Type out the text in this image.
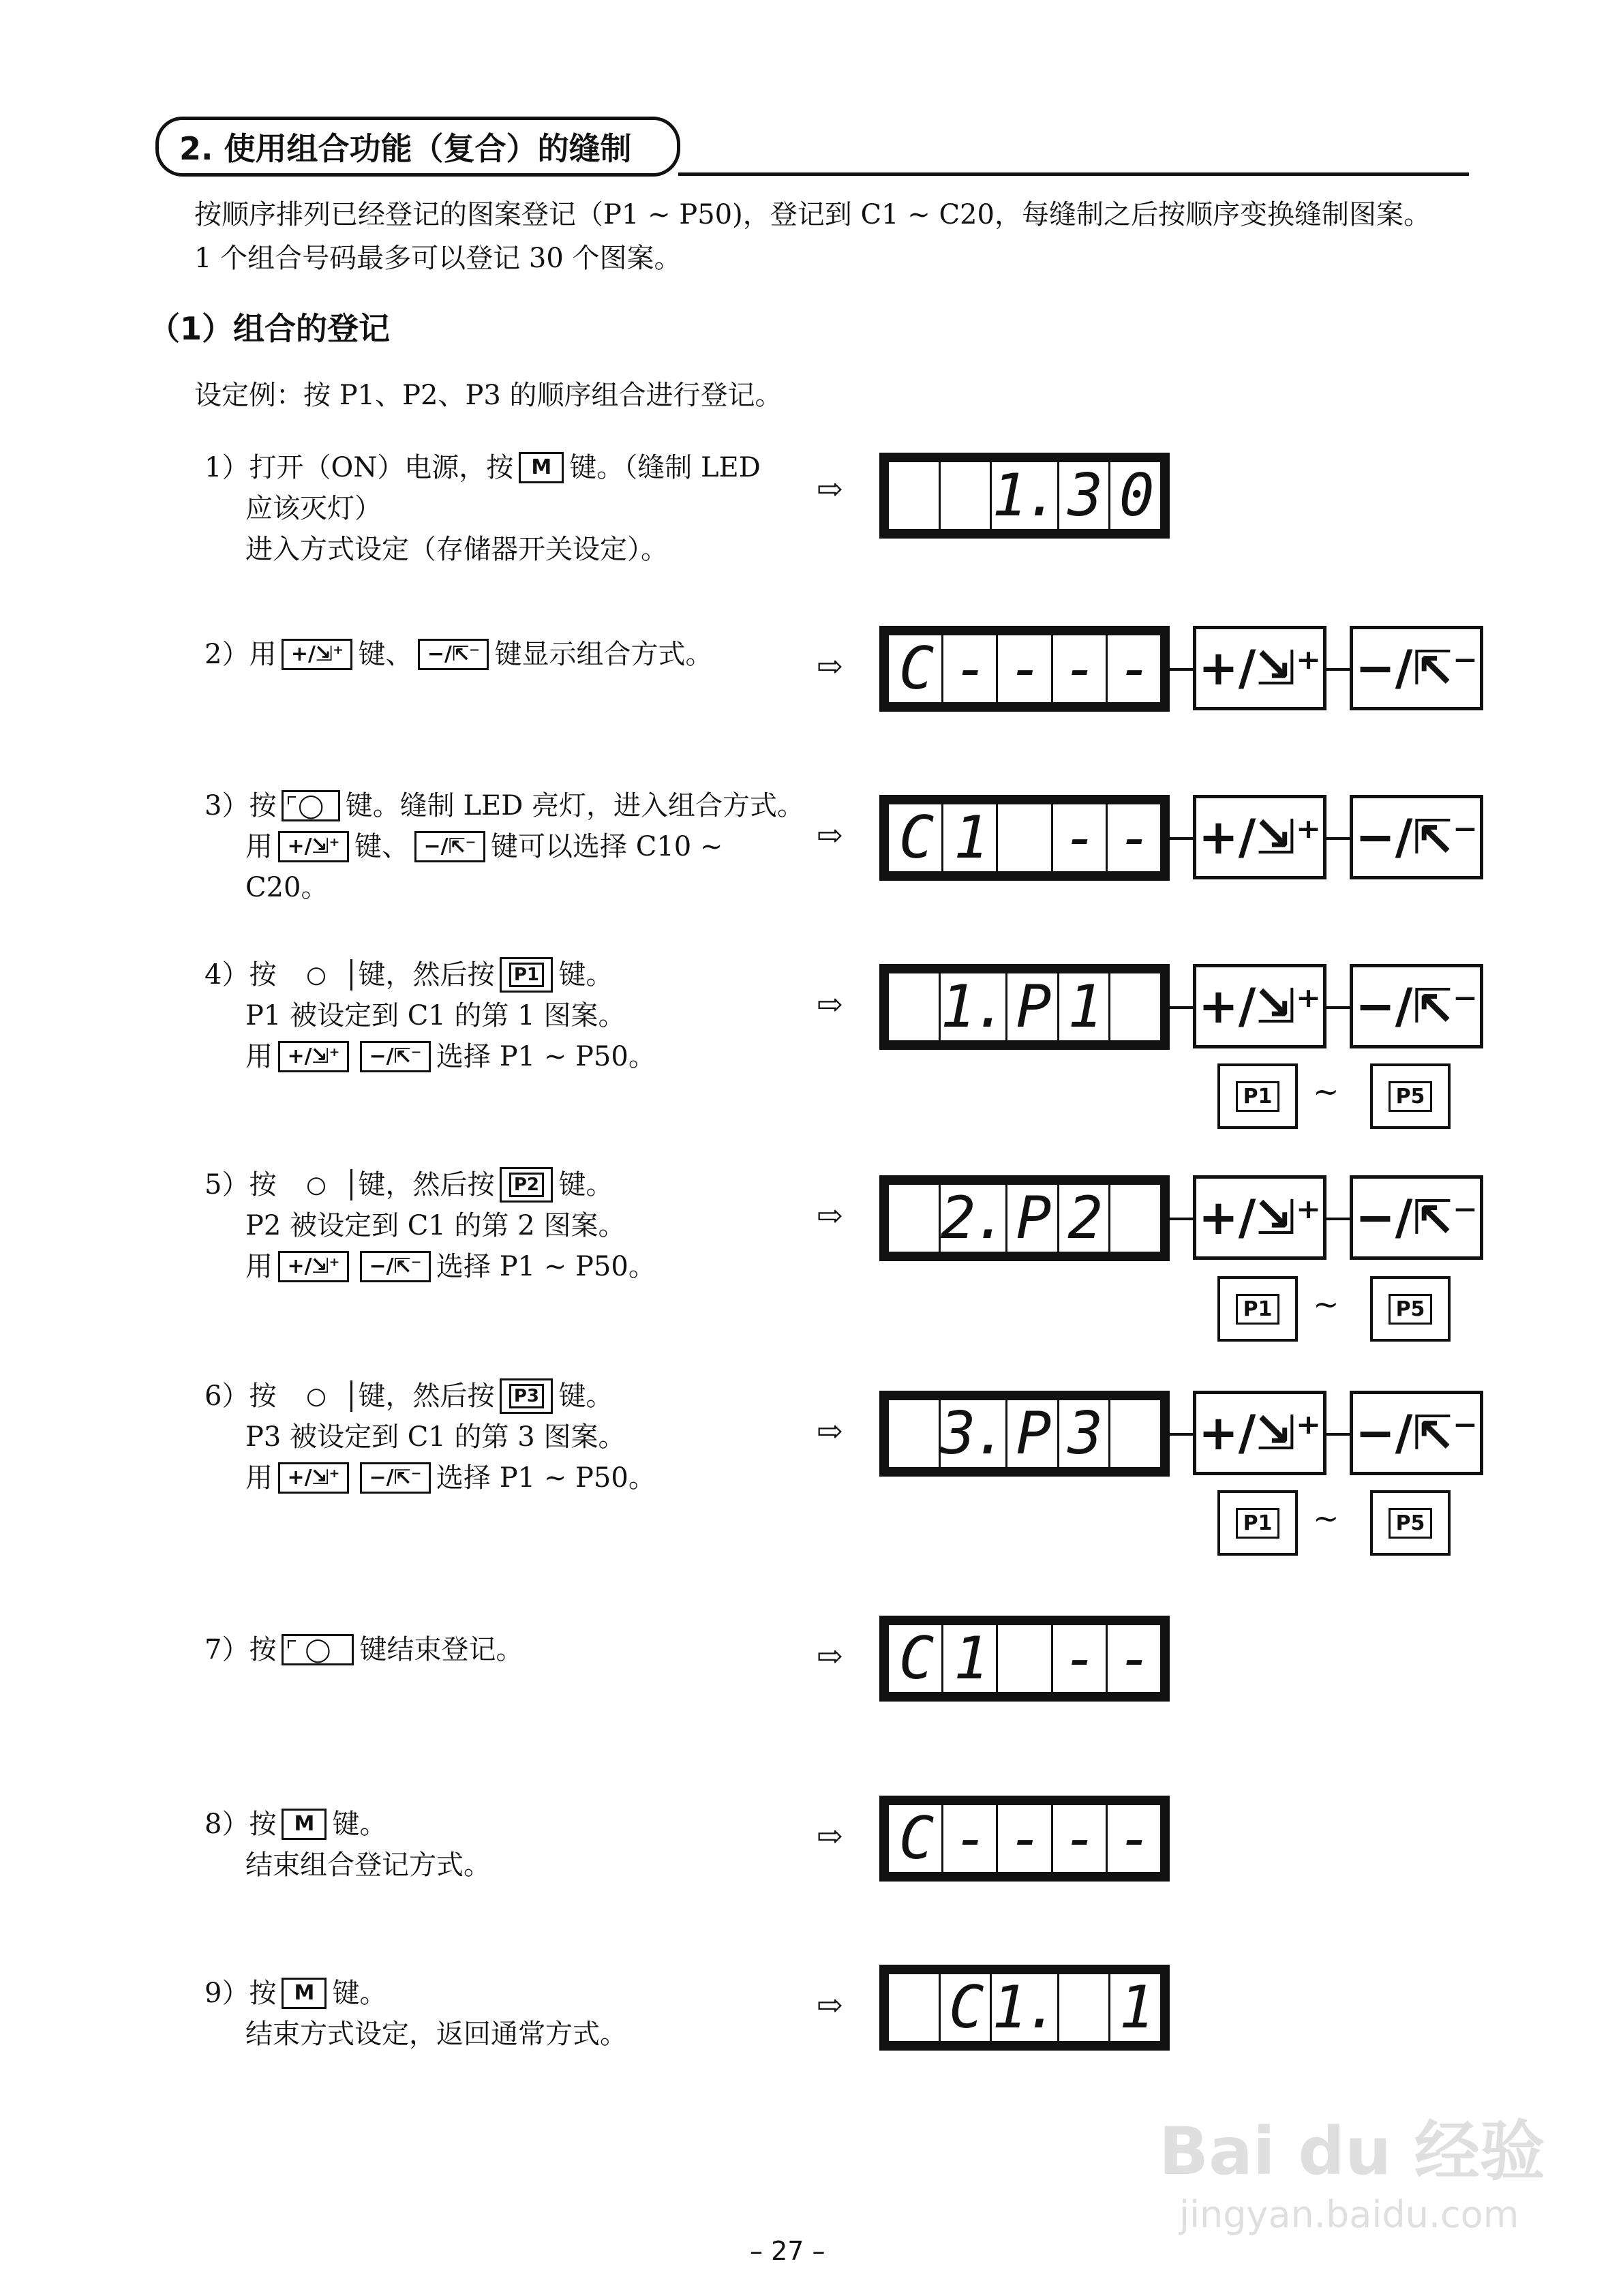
2. 使用组合功能（复合）的缝制
按顺序排列已经登记的图案登记（P1 ~ P50)，登记到 C1 ~ C20，每缝制之后按顺序变换缝制图案。
1 个组合号码最多可以登记 30 个图案。
（1）组合的登记
设定例：按 P1、P2、P3 的顺序组合进行登记。
1）打开（ON）电源，按 M 键。（缝制 LED
应该灭灯）
进入方式设定（存储器开关设定）。
⇨	1. 3 0
2）用 +/⇲⁺ 键、 −/⇱⁻ 键显示组合方式。	⇨ C - - - - +/⇲⁺ −/⇱⁻
3）按 ◯ 键。缝制 LED 亮灯，进入组合方式。
用 +/⇲⁺ 键、 −/⇱⁻ 键可以选择 C10 ~
C20。
⇨ C 1 - - +/⇲⁺ −/⇱⁻
4）按	○	键，然后按 P1 键。
P1 被设定到 C1 的第 1 图案。
用 +/⇲⁺	−/⇱⁻ 选择 P1 ~ P50。
⇨ 1. P 1 +/⇲⁺ −/⇱⁻
P1 ~	P5
5）按	○	键，然后按 P2 键。
P2 被设定到 C1 的第 2 图案。
用 +/⇲⁺	−/⇱⁻ 选择 P1 ~ P50。
⇨ 2. P 2 +/⇲⁺ −/⇱⁻
P1 ~	P5
6）按	○	键，然后按 P3 键。
P3 被设定到 C1 的第 3 图案。
用 +/⇲⁺	−/⇱⁻ 选择 P1 ~ P50。
⇨ 3. P 3 +/⇲⁺ −/⇱⁻
P1 ~	P5
7）按	◯	键结束登记。	⇨ C 1 - -
8）按 M 键。
结束组合登记方式。
⇨ C - - - -
9）按 M 键。
结束方式设定，返回通常方式。
⇨ C 1. 1
Bai du 经验
jingyan.baidu.com
– 27 –
